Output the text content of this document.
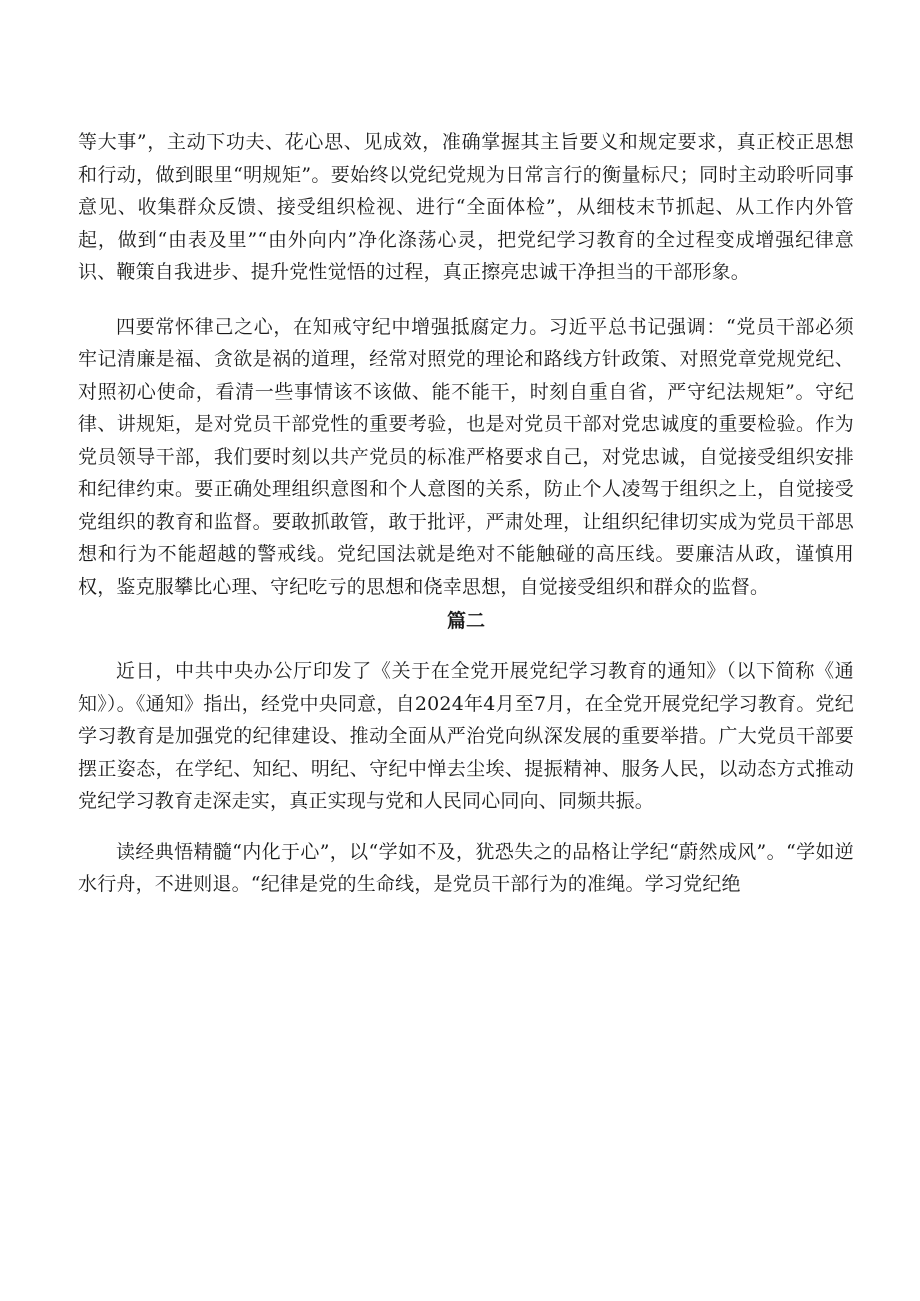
等大事”，主动下功夫、花心思、见成效，准确掌握其主旨要义和规定要求，真正校正思想和行动，做到眼里“明规矩”。要始终以党纪党规为日常言行的衡量标尺；同时主动聆听同事意见、收集群众反馈、接受组织检视、进行“全面体检”，从细枝末节抓起、从工作内外管起，做到“由表及里”“由外向内”净化涤荡心灵，把党纪学习教育的全过程变成增强纪律意识、鞭策自我进步、提升党性觉悟的过程，真正擦亮忠诚干净担当的干部形象。

四要常怀律己之心，在知戒守纪中增强抵腐定力。习近平总书记强调：“党员干部必须牢记清廉是福、贪欲是祸的道理，经常对照党的理论和路线方针政策、对照党章党规党纪、对照初心使命，看清一些事情该不该做、能不能干，时刻自重自省，严守纪法规矩”。守纪律、讲规矩，是对党员干部党性的重要考验，也是对党员干部对党忠诚度的重要检验。作为党员领导干部，我们要时刻以共产党员的标准严格要求自己，对党忠诚，自觉接受组织安排和纪律约束。要正确处理组织意图和个人意图的关系，防止个人凌驾于组织之上，自觉接受党组织的教育和监督。要敢抓敢管，敢于批评，严肃处理，让组织纪律切实成为党员干部思想和行为不能超越的警戒线。党纪国法就是绝对不能触碰的高压线。要廉洁从政，谨慎用权，鉴克服攀比心理、守纪吃亏的思想和侥幸思想，自觉接受组织和群众的监督。

篇二

近日，中共中央办公厅印发了《关于在全党开展党纪学习教育的通知》（以下简称《通知》）。《通知》指出，经党中央同意，自2024年4月至7月，在全党开展党纪学习教育。党纪学习教育是加强党的纪律建设、推动全面从严治党向纵深发展的重要举措。广大党员干部要摆正姿态，在学纪、知纪、明纪、守纪中惮去尘埃、提振精神、服务人民，以动态方式推动党纪学习教育走深走实，真正实现与党和人民同心同向、同频共振。

读经典悟精髓“内化于心”，以“学如不及，犹恐失之的品格让学纪“蔚然成风”。“学如逆水行舟，不进则退。“纪律是党的生命线，是党员干部行为的准绳。学习党纪绝
